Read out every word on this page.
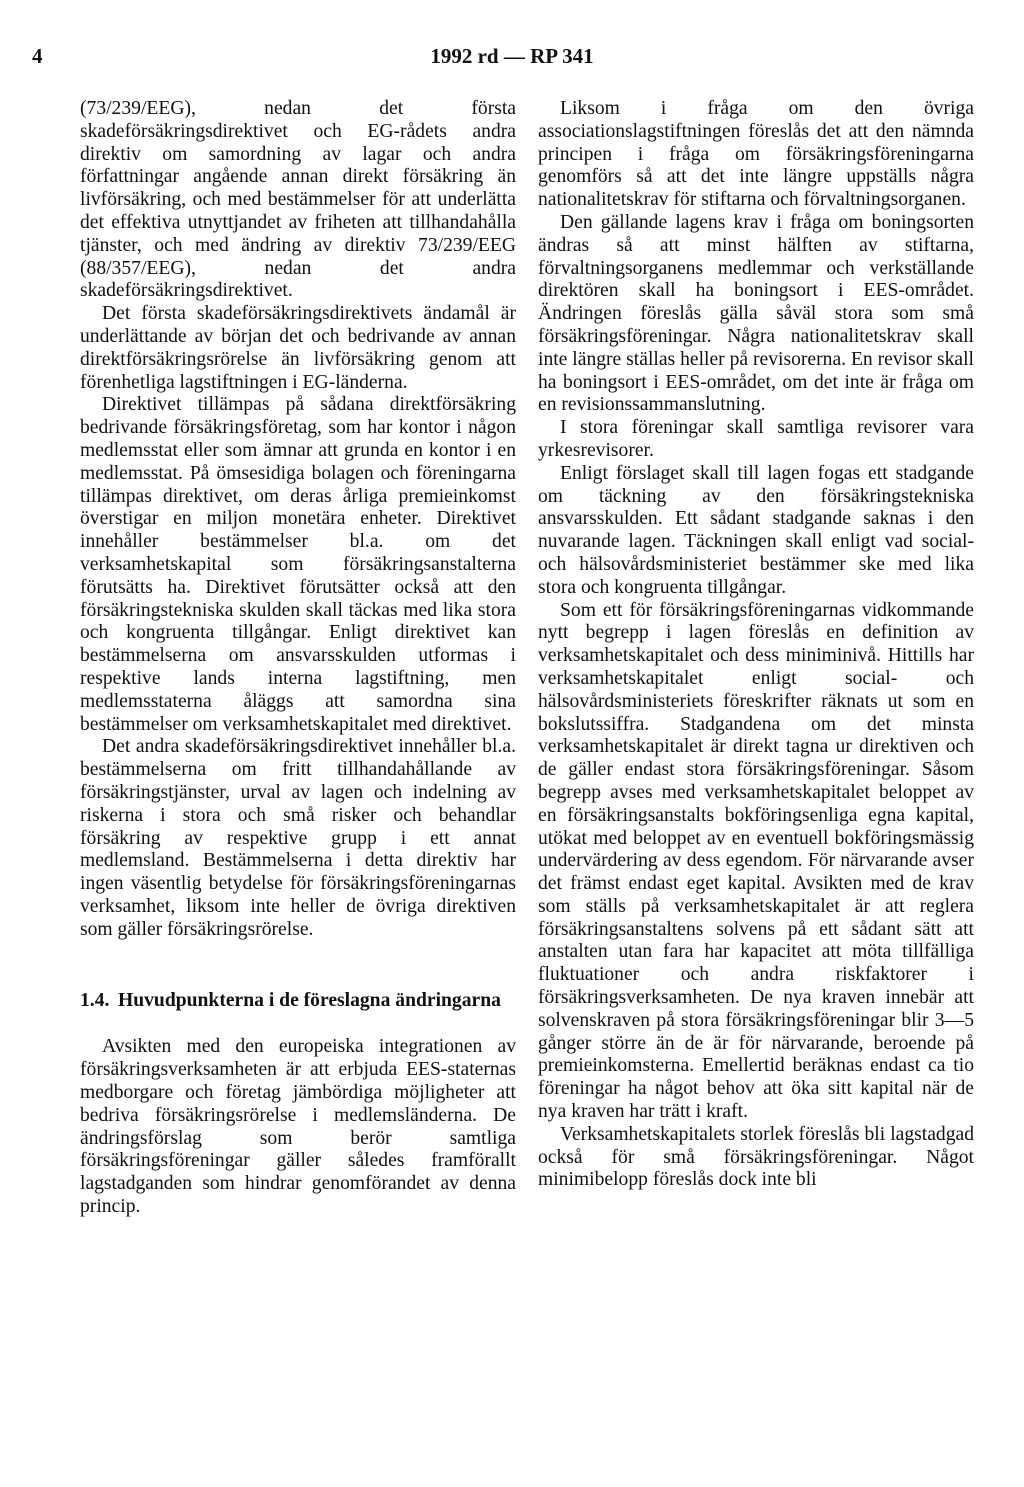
4	1992 rd — RP 341

(73/239/EEG), nedan det första skadeförsäkringsdirektivet och EG-rådets andra direktiv om samordning av lagar och andra författningar angående annan direkt försäkring än livförsäkring, och med bestämmelser för att underlätta det effektiva utnyttjandet av friheten att tillhandahålla tjänster, och med ändring av direktiv 73/239/EEG (88/357/EEG), nedan det andra skadeförsäkringsdirektivet.

Det första skadeförsäkringsdirektivets ändamål är underlättande av början det och bedrivande av annan direktförsäkringsrörelse än livförsäkring genom att förenhetliga lagstiftningen i EG-länderna.

Direktivet tillämpas på sådana direktförsäkring bedrivande försäkringsföretag, som har kontor i någon medlemsstat eller som ämnar att grunda en kontor i en medlemsstat. På ömsesidiga bolagen och föreningarna tillämpas direktivet, om deras årliga premieinkomst överstigar en miljon monetära enheter. Direktivet innehåller bestämmelser bl.a. om det verksamhetskapital som försäkringsanstalterna förutsätts ha. Direktivet förutsätter också att den försäkringstekniska skulden skall täckas med lika stora och kongruenta tillgångar. Enligt direktivet kan bestämmelserna om ansvarsskulden utformas i respektive lands interna lagstiftning, men medlemsstaterna åläggs att samordna sina bestämmelser om verksamhetskapitalet med direktivet.

Det andra skadeförsäkringsdirektivet innehåller bl.a. bestämmelserna om fritt tillhandahållande av försäkringstjänster, urval av lagen och indelning av riskerna i stora och små risker och behandlar försäkring av respektive grupp i ett annat medlemsland. Bestämmelserna i detta direktiv har ingen väsentlig betydelse för försäkringsföreningarnas verksamhet, liksom inte heller de övriga direktiven som gäller försäkringsrörelse.

1.4. Huvudpunkterna i de föreslagna ändringarna

Avsikten med den europeiska integrationen av försäkringsverksamheten är att erbjuda EES-staternas medborgare och företag jämbördiga möjligheter att bedriva försäkringsrörelse i medlemsländerna. De ändringsförslag som berör samtliga försäkringsföreningar gäller således framförallt lagstadganden som hindrar genomförandet av denna princip.

Liksom i fråga om den övriga associationslagstiftningen föreslås det att den nämnda principen i fråga om försäkringsföreningarna genomförs så att det inte längre uppställs några nationalitetskrav för stiftarna och förvaltningsorganen.

Den gällande lagens krav i fråga om boningsorten ändras så att minst hälften av stiftarna, förvaltningsorganens medlemmar och verkställande direktören skall ha boningsort i EES-området. Ändringen föreslås gälla såväl stora som små försäkringsföreningar. Några nationalitetskrav skall inte längre ställas heller på revisorerna. En revisor skall ha boningsort i EES-området, om det inte är fråga om en revisionssammanslutning.

I stora föreningar skall samtliga revisorer vara yrkesrevisorer.

Enligt förslaget skall till lagen fogas ett stadgande om täckning av den försäkringstekniska ansvarsskulden. Ett sådant stadgande saknas i den nuvarande lagen. Täckningen skall enligt vad social- och hälsovårdsministeriet bestämmer ske med lika stora och kongruenta tillgångar.

Som ett för försäkringsföreningarnas vidkommande nytt begrepp i lagen föreslås en definition av verksamhetskapitalet och dess miniminivå. Hittills har verksamhetskapitalet enligt social- och hälsovårdsministeriets föreskrifter räknats ut som en bokslutssiffra. Stadgandena om det minsta verksamhetskapitalet är direkt tagna ur direktiven och de gäller endast stora försäkringsföreningar. Såsom begrepp avses med verksamhetskapitalet beloppet av en försäkringsanstalts bokföringsenliga egna kapital, utökat med beloppet av en eventuell bokföringsmässig undervärdering av dess egendom. För närvarande avser det främst endast eget kapital. Avsikten med de krav som ställs på verksamhetskapitalet är att reglera försäkringsanstaltens solvens på ett sådant sätt att anstalten utan fara har kapacitet att möta tillfälliga fluktuationer och andra riskfaktorer i försäkringsverksamheten. De nya kraven innebär att solvenskraven på stora försäkringsföreningar blir 3—5 gånger större än de är för närvarande, beroende på premieinkomsterna. Emellertid beräknas endast ca tio föreningar ha något behov att öka sitt kapital när de nya kraven har trätt i kraft.

Verksamhetskapitalets storlek föreslås bli lagstadgad också för små försäkringsföreningar. Något minimibelopp föreslås dock inte bli
